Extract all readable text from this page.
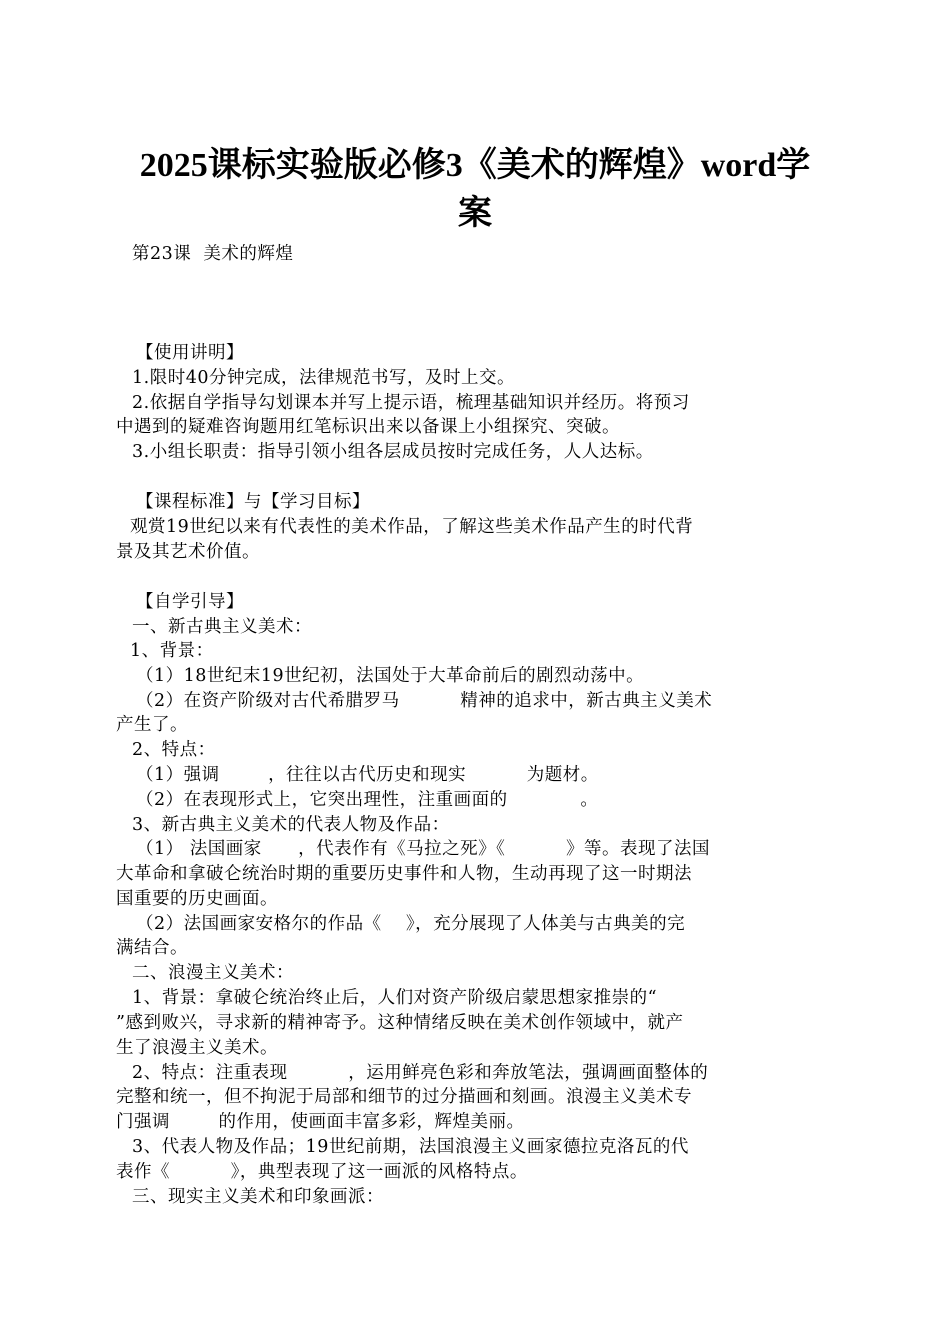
2025课标实验版必修3《美术的辉煌》word学
案
第23课  美术的辉煌
【使用讲明】
1.限时40分钟完成，法律规范书写，及时上交。
2.依据自学指导勾划课本并写上提示语，梳理基础知识并经历。将预习
中遇到的疑难咨询题用红笔标识出来以备课上小组探究、突破。
3.小组长职责：指导引领小组各层成员按时完成任务，人人达标。
【课程标准】与【学习目标】
观赏19世纪以来有代表性的美术作品，了解这些美术作品产生的时代背
景及其艺术价值。
【自学引导】
一、新古典主义美术：
1、背景：
（1）18世纪末19世纪初，法国处于大革命前后的剧烈动荡中。
（2）在资产阶级对古代希腊罗马          精神的追求中，新古典主义美术
产生了。
2、特点：
（1）强调        ，往往以古代历史和现实          为题材。
（2）在表现形式上，它突出理性，注重画面的            。
3、新古典主义美术的代表人物及作品：
（1） 法国画家      ，代表作有《马拉之死》《          》等。表现了法国
大革命和拿破仑统治时期的重要历史事件和人物，生动再现了这一时期法
国重要的历史画面。
（2）法国画家安格尔的作品《    》，充分展现了人体美与古典美的完
满结合。
二、浪漫主义美术：
1、背景：拿破仑统治终止后，人们对资产阶级启蒙思想家推崇的“
”感到败兴，寻求新的精神寄予。这种情绪反映在美术创作领域中，就产
生了浪漫主义美术。
2、特点：注重表现          ，运用鲜亮色彩和奔放笔法，强调画面整体的
完整和统一，但不拘泥于局部和细节的过分描画和刻画。浪漫主义美术专
门强调        的作用，使画面丰富多彩，辉煌美丽。
3、代表人物及作品；19世纪前期，法国浪漫主义画家德拉克洛瓦的代
表作《          》，典型表现了这一画派的风格特点。
三、现实主义美术和印象画派：
